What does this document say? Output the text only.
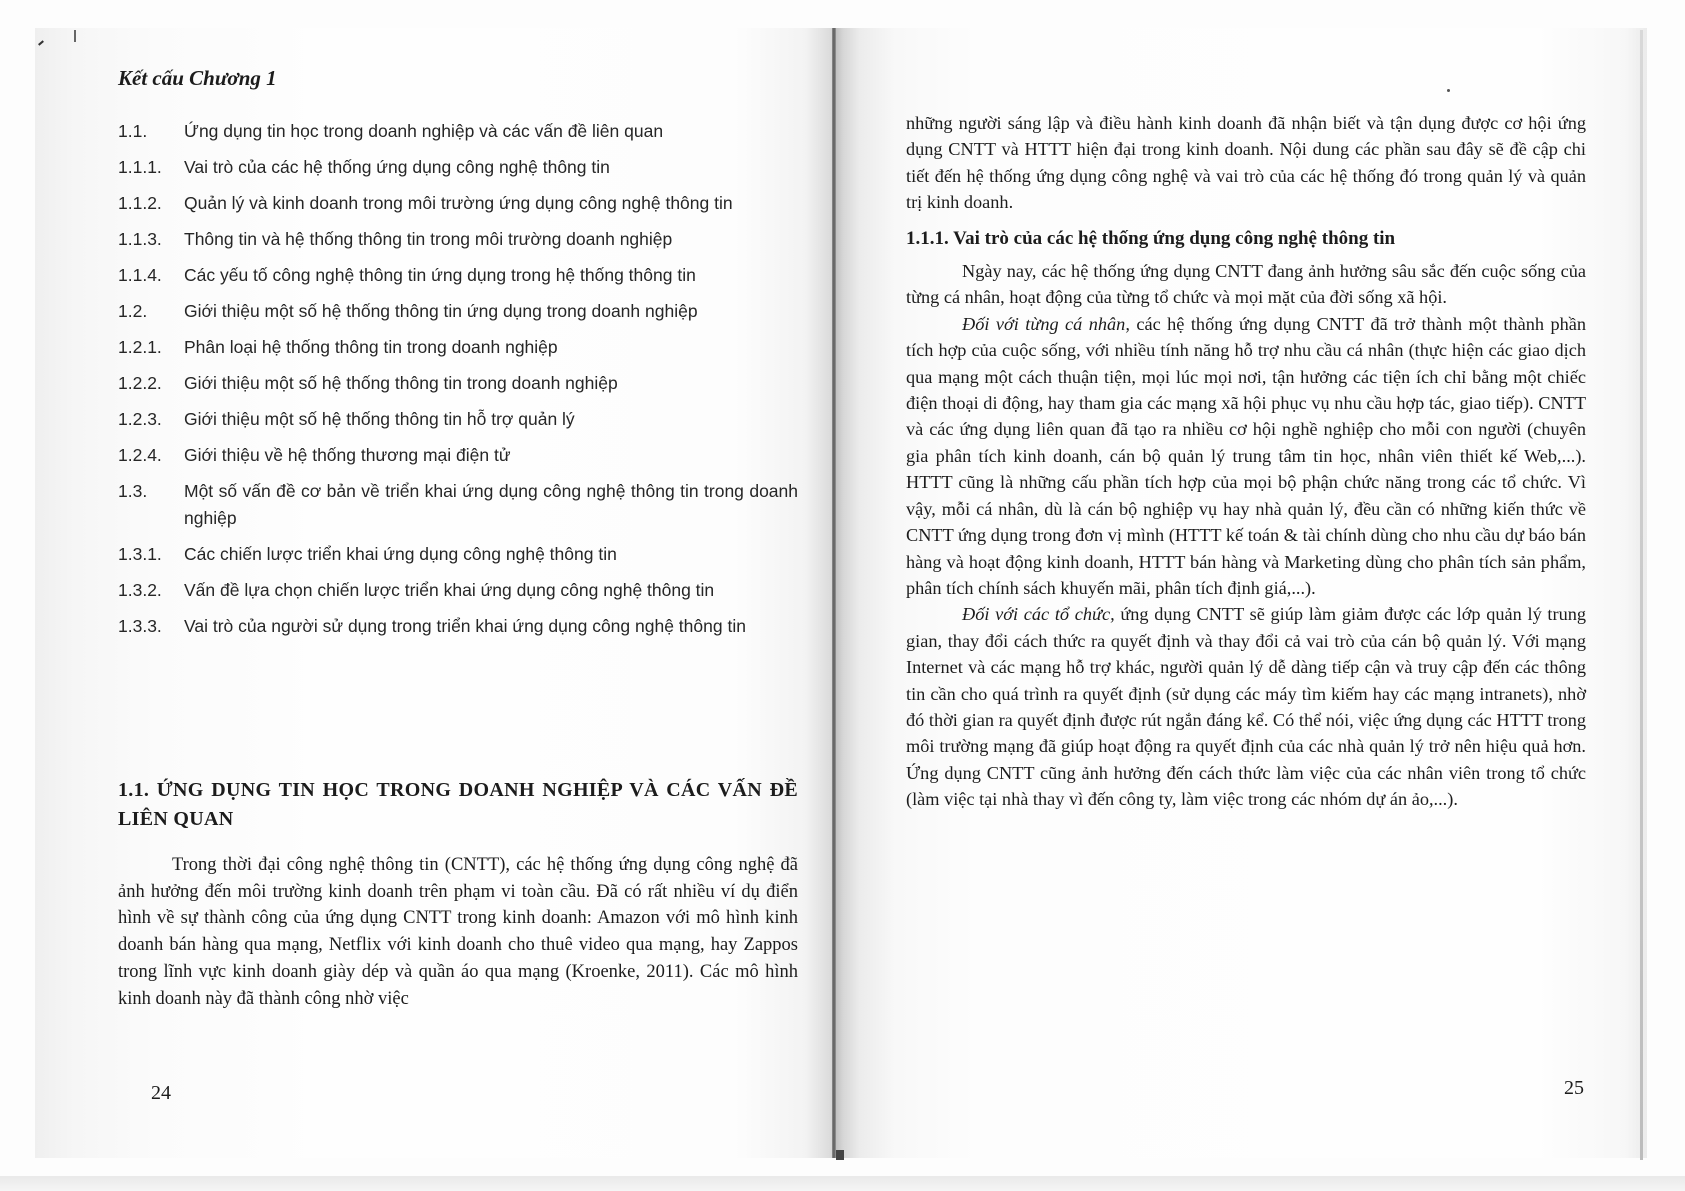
Kết cấu Chương 1
1.1.	Ứng dụng tin học trong doanh nghiệp và các vấn đề liên quan
1.1.1.	Vai trò của các hệ thống ứng dụng công nghệ thông tin
1.1.2.	Quản lý và kinh doanh trong môi trường ứng dụng công nghệ thông tin
1.1.3.	Thông tin và hệ thống thông tin trong môi trường doanh nghiệp
1.1.4.	Các yếu tố công nghệ thông tin ứng dụng trong hệ thống thông tin
1.2.	Giới thiệu một số hệ thống thông tin ứng dụng trong doanh nghiệp
1.2.1.	Phân loại hệ thống thông tin trong doanh nghiệp
1.2.2.	Giới thiệu một số hệ thống thông tin trong doanh nghiệp
1.2.3.	Giới thiệu một số hệ thống thông tin hỗ trợ quản lý
1.2.4.	Giới thiệu về hệ thống thương mại điện tử
1.3.	Một số vấn đề cơ bản về triển khai ứng dụng công nghệ thông tin trong doanh nghiệp
1.3.1.	Các chiến lược triển khai ứng dụng công nghệ thông tin
1.3.2.	Vấn đề lựa chọn chiến lược triển khai ứng dụng công nghệ thông tin
1.3.3.	Vai trò của người sử dụng trong triển khai ứng dụng công nghệ thông tin
1.1. ỨNG DỤNG TIN HỌC TRONG DOANH NGHIỆP VÀ CÁC VẤN ĐỀ LIÊN QUAN

Trong thời đại công nghệ thông tin (CNTT), các hệ thống ứng dụng công nghệ đã ảnh hưởng đến môi trường kinh doanh trên phạm vi toàn cầu. Đã có rất nhiều ví dụ điển hình về sự thành công của ứng dụng CNTT trong kinh doanh: Amazon với mô hình kinh doanh bán hàng qua mạng, Netflix với kinh doanh cho thuê video qua mạng, hay Zappos trong lĩnh vực kinh doanh giày dép và quần áo qua mạng (Kroenke, 2011). Các mô hình kinh doanh này đã thành công nhờ việc

24

những người sáng lập và điều hành kinh doanh đã nhận biết và tận dụng được cơ hội ứng dụng CNTT và HTTT hiện đại trong kinh doanh. Nội dung các phần sau đây sẽ đề cập chi tiết đến hệ thống ứng dụng công nghệ và vai trò của các hệ thống đó trong quản lý và quản trị kinh doanh.

1.1.1. Vai trò của các hệ thống ứng dụng công nghệ thông tin

Ngày nay, các hệ thống ứng dụng CNTT đang ảnh hưởng sâu sắc đến cuộc sống của từng cá nhân, hoạt động của từng tổ chức và mọi mặt của đời sống xã hội.

Đối với từng cá nhân, các hệ thống ứng dụng CNTT đã trở thành một thành phần tích hợp của cuộc sống, với nhiều tính năng hỗ trợ nhu cầu cá nhân (thực hiện các giao dịch qua mạng một cách thuận tiện, mọi lúc mọi nơi, tận hưởng các tiện ích chỉ bằng một chiếc điện thoại di động, hay tham gia các mạng xã hội phục vụ nhu cầu hợp tác, giao tiếp). CNTT và các ứng dụng liên quan đã tạo ra nhiều cơ hội nghề nghiệp cho mỗi con người (chuyên gia phân tích kinh doanh, cán bộ quản lý trung tâm tin học, nhân viên thiết kế Web,...). HTTT cũng là những cấu phần tích hợp của mọi bộ phận chức năng trong các tổ chức. Vì vậy, mỗi cá nhân, dù là cán bộ nghiệp vụ hay nhà quản lý, đều cần có những kiến thức về CNTT ứng dụng trong đơn vị mình (HTTT kế toán & tài chính dùng cho nhu cầu dự báo bán hàng và hoạt động kinh doanh, HTTT bán hàng và Marketing dùng cho phân tích sản phẩm, phân tích chính sách khuyến mãi, phân tích định giá,...).

Đối với các tổ chức, ứng dụng CNTT sẽ giúp làm giảm được các lớp quản lý trung gian, thay đổi cách thức ra quyết định và thay đổi cả vai trò của cán bộ quản lý. Với mạng Internet và các mạng hỗ trợ khác, người quản lý dễ dàng tiếp cận và truy cập đến các thông tin cần cho quá trình ra quyết định (sử dụng các máy tìm kiếm hay các mạng intranets), nhờ đó thời gian ra quyết định được rút ngắn đáng kể. Có thể nói, việc ứng dụng các HTTT trong môi trường mạng đã giúp hoạt động ra quyết định của các nhà quản lý trở nên hiệu quả hơn. Ứng dụng CNTT cũng ảnh hưởng đến cách thức làm việc của các nhân viên trong tổ chức (làm việc tại nhà thay vì đến công ty, làm việc trong các nhóm dự án ảo,...).

25
